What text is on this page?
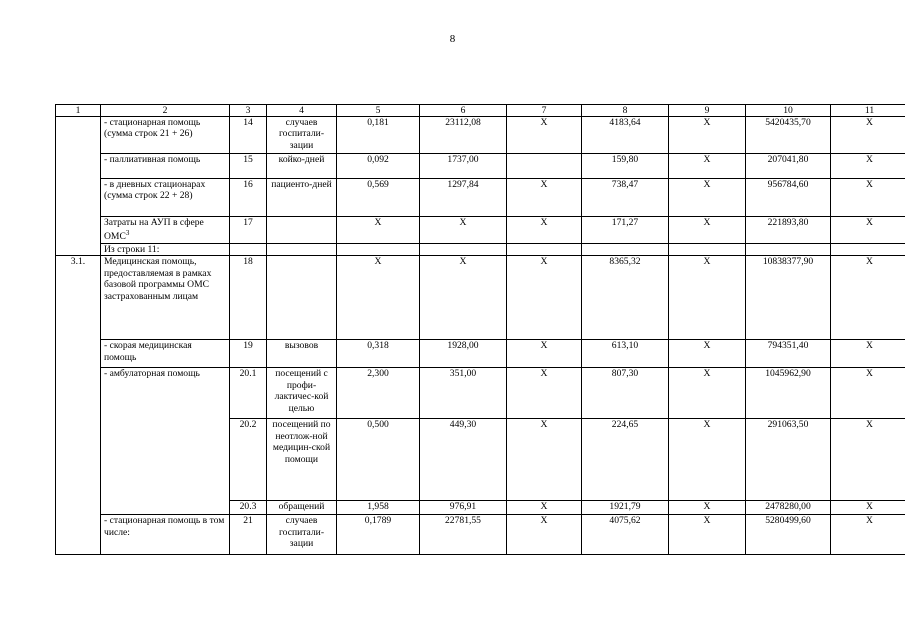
8
1	2	3	4	5	6	7	8	9	10	11
	- стационарная помощь (сумма строк 21 + 26)	14	случаев госпитали-зации	0,181	23112,08	X	4183,64	X	5420435,70	X
	- паллиативная помощь	15	койко-дней	0,092	1737,00		159,80	X	207041,80	X
	- в дневных стационарах (сумма строк 22 + 28)	16	пациенто-дней	0,569	1297,84	X	738,47	X	956784,60	X
	Затраты на АУП в сфере ОМС$^3$	17		X	X	X	171,27	X	221893,80	X
	Из строки 11:									
3.1.	Медицинская помощь, предоставляемая в рамках базовой программы ОМС застрахованным лицам	18		X	X	X	8365,32	X	10838377,90	X
	- скорая медицинская помощь	19	вызовов	0,318	1928,00	X	613,10	X	794351,40	X
	- амбулаторная помощь	20.1	посещений с профи-лактичес-кой целью	2,300	351,00	X	807,30	X	1045962,90	X
		20.2	посещений по неотлож-ной медицин-ской помощи	0,500	449,30	X	224,65	X	291063,50	X
		20.3	обращений	1,958	976,91	X	1921,79	X	2478280,00	X
	- стационарная помощь в том числе:	21	случаев госпитали-зации	0,1789	22781,55	X	4075,62	X	5280499,60	X
